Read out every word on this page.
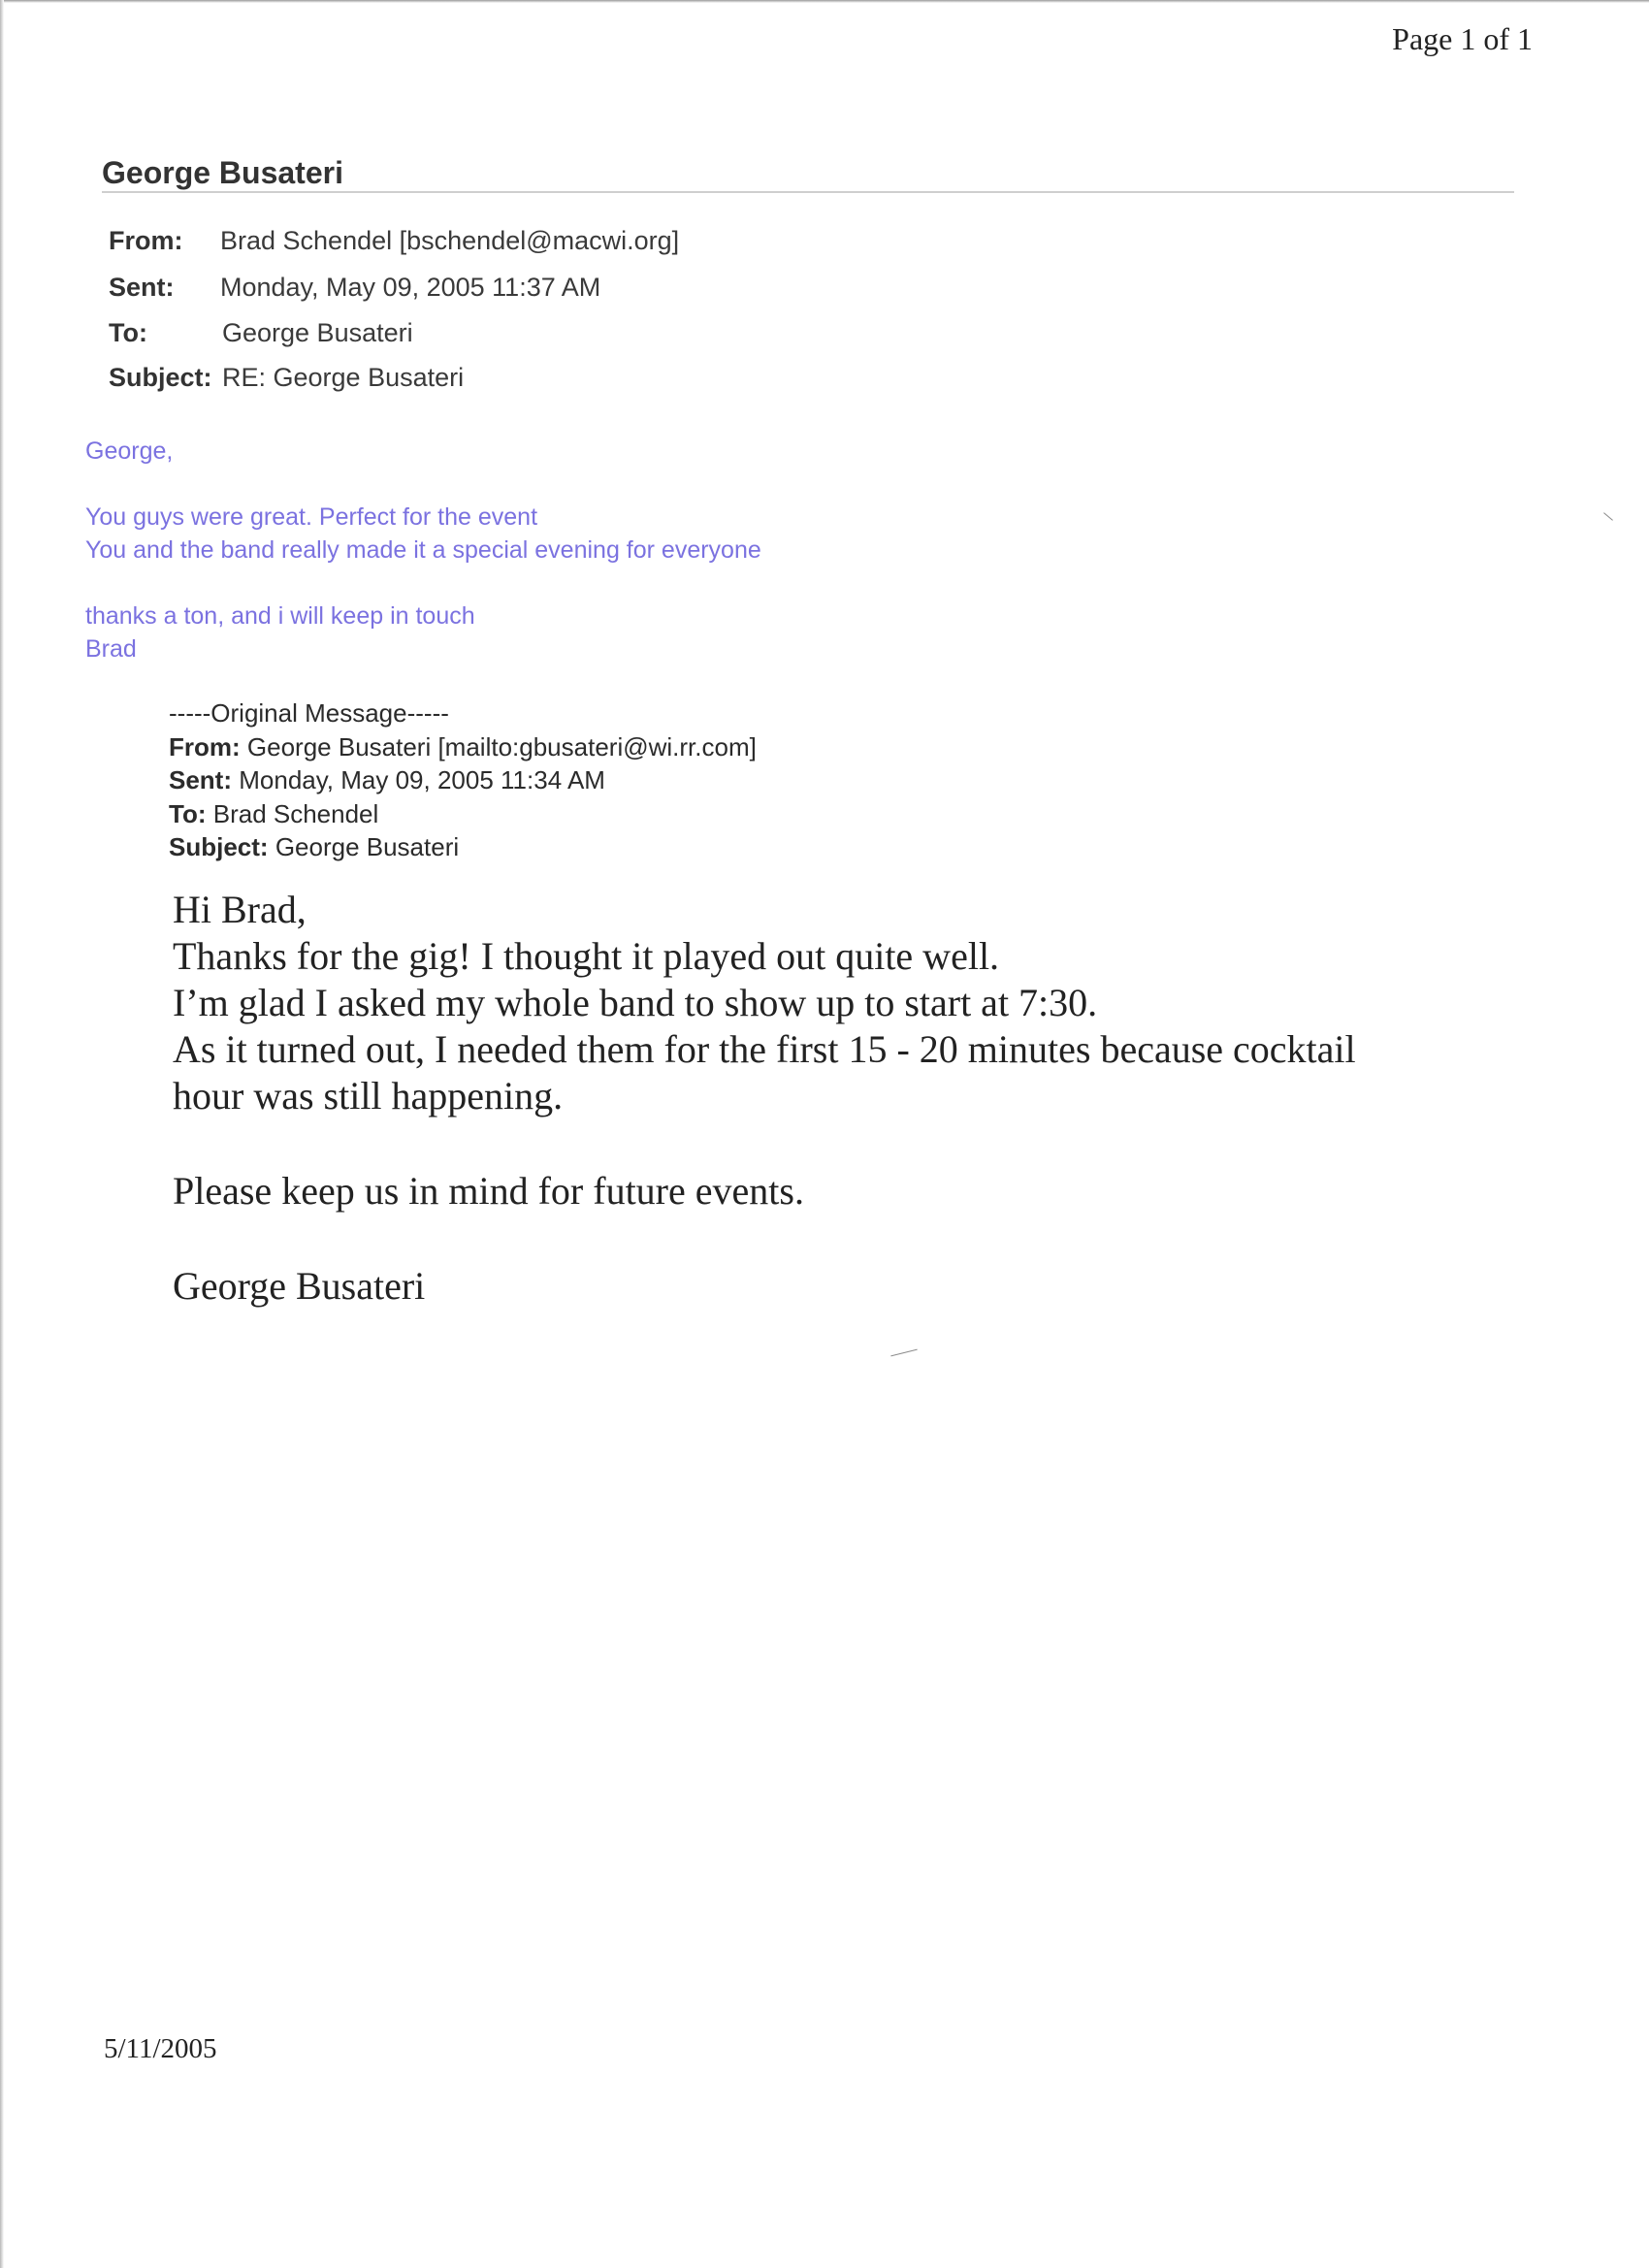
Page 1 of 1
George Busateri
From: Brad Schendel [bschendel@macwi.org]
Sent: Monday, May 09, 2005 11:37 AM
To:	George Busateri
Subject: RE: George Busateri
George,
You guys were great. Perfect for the event
You and the band really made it a special evening for everyone
thanks a ton, and i will keep in touch
Brad
-----Original Message-----
From: George Busateri [mailto:gbusateri@wi.rr.com]
Sent: Monday, May 09, 2005 11:34 AM
To: Brad Schendel
Subject: George Busateri
Hi Brad,
Thanks for the gig! I thought it played out quite well.
I’m glad I asked my whole band to show up to start at 7:30.
As it turned out, I needed them for the first 15 - 20 minutes because cocktail
hour was still happening.
Please keep us in mind for future events.
George Busateri
5/11/2005
